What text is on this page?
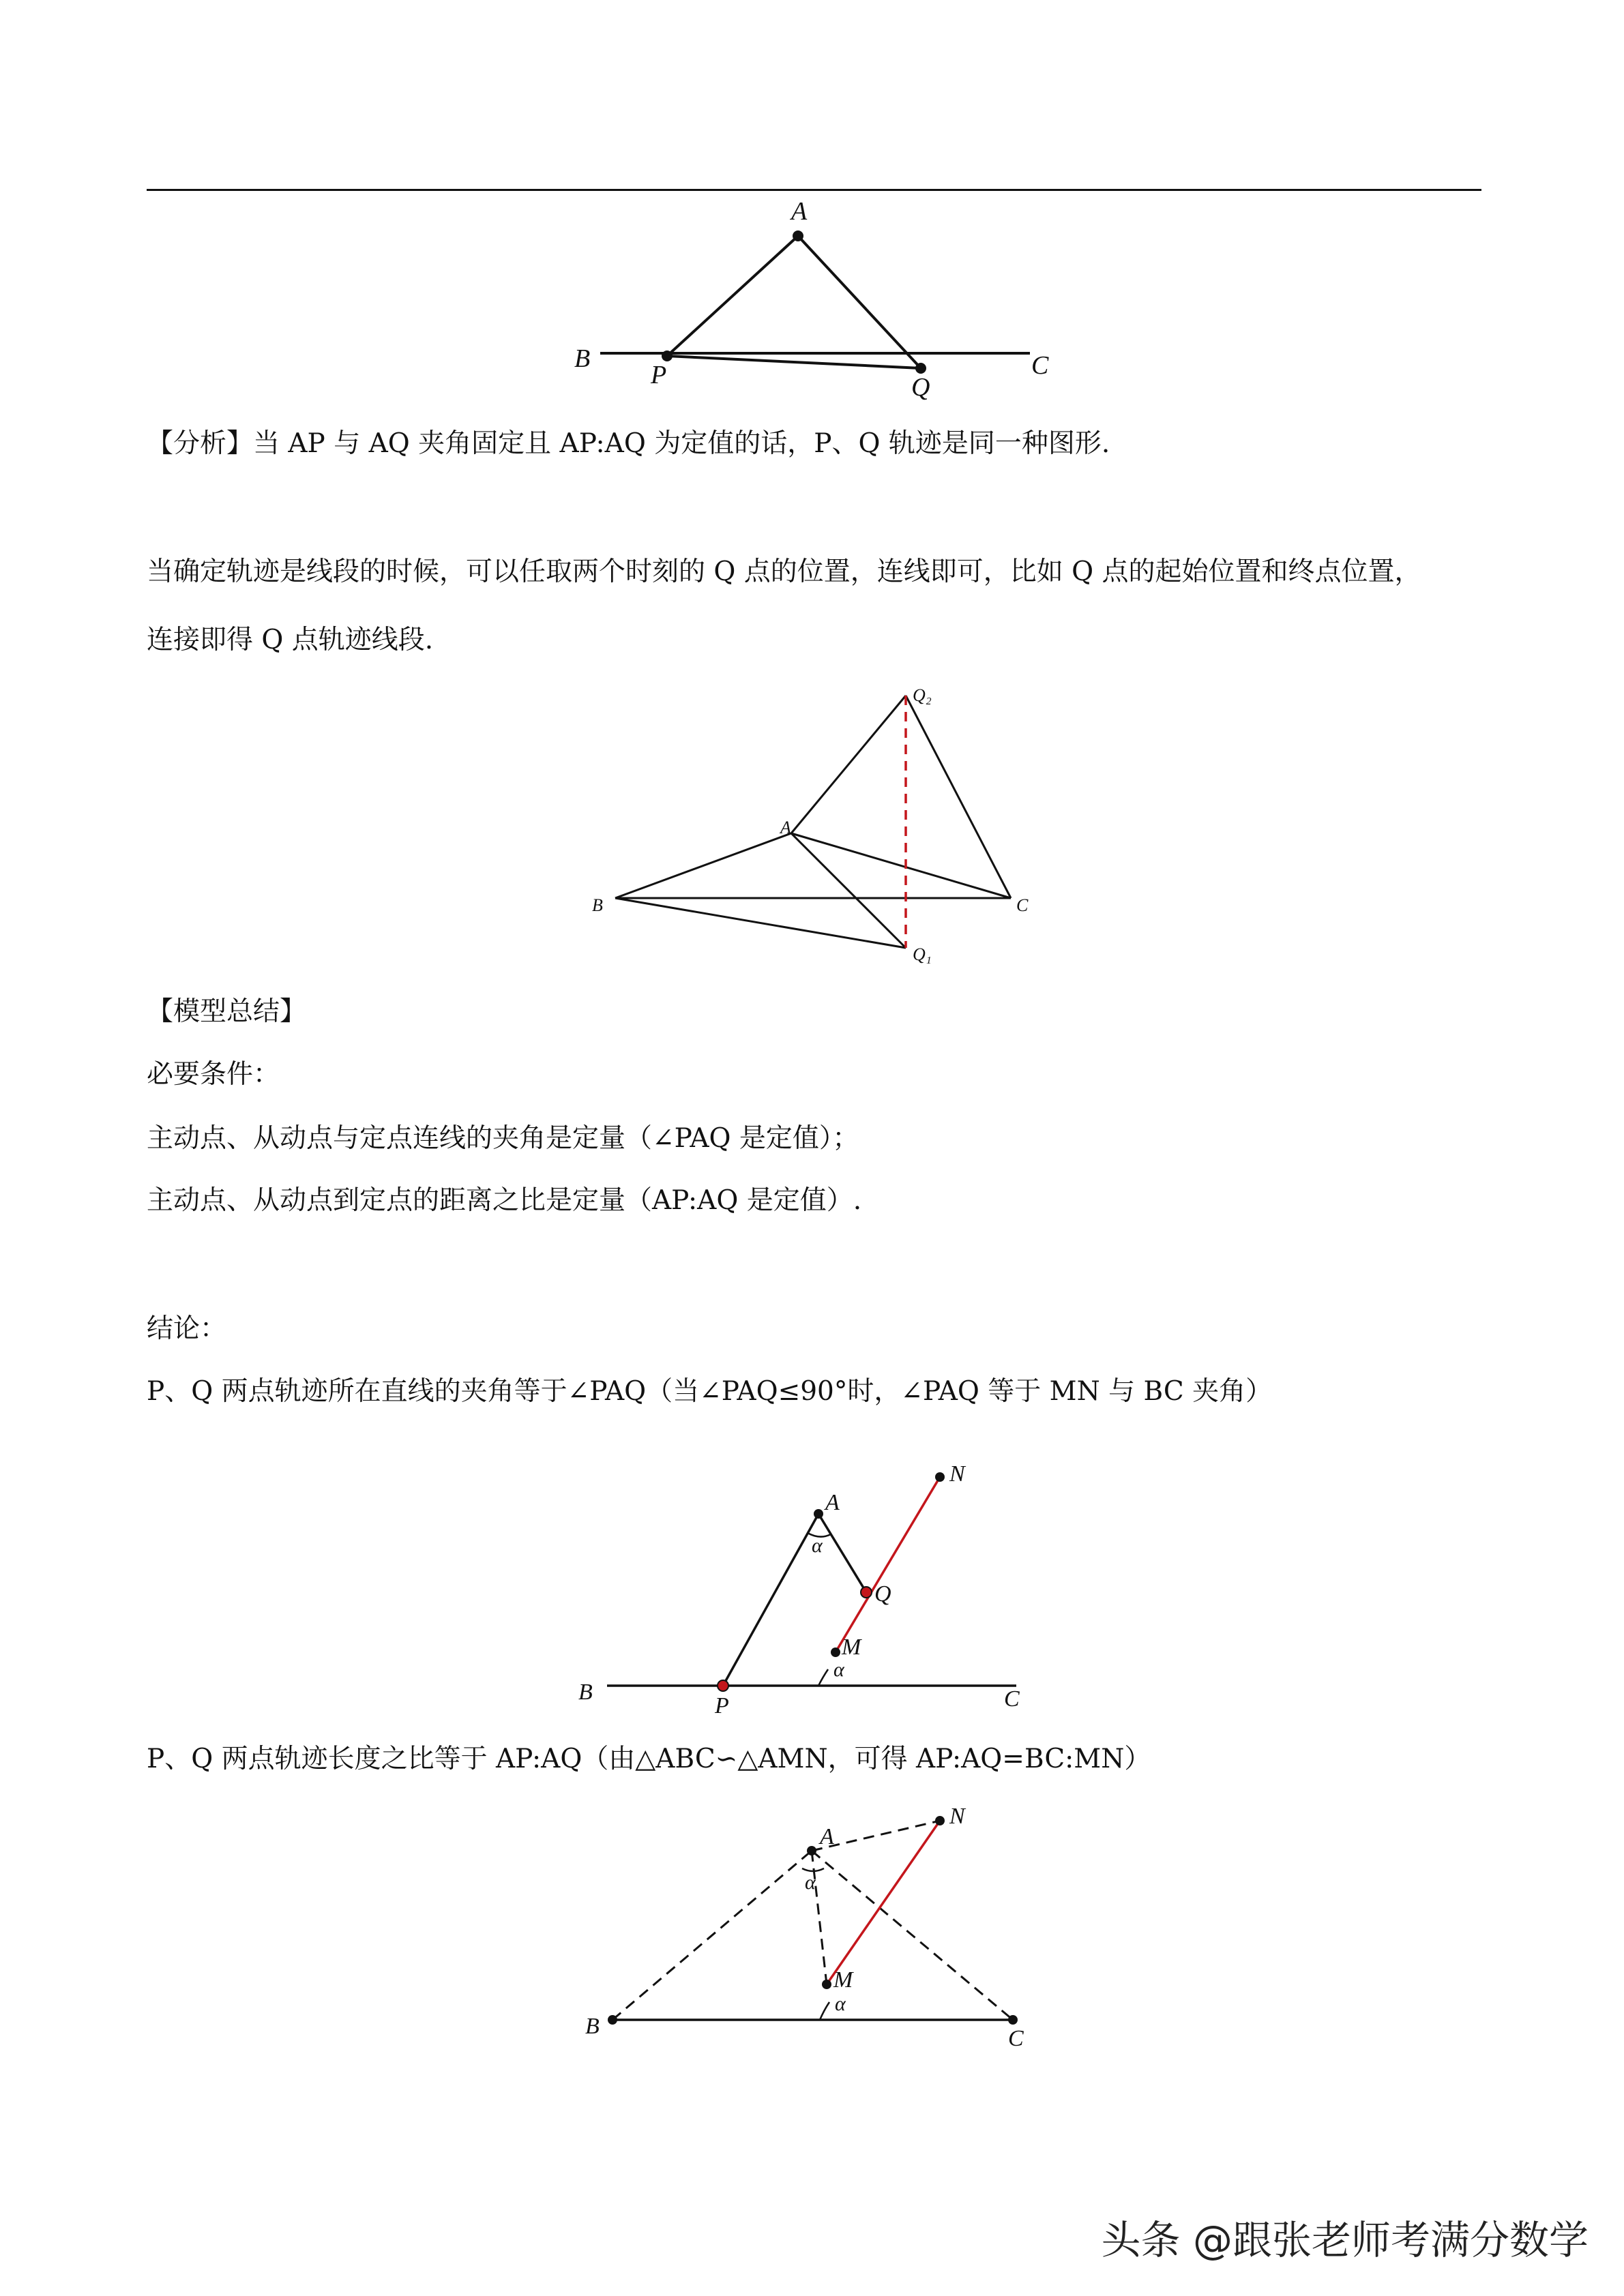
A
B	C
P	Q
【分析】当 AP 与 AQ 夹角固定且 AP:AQ 为定值的话，P、Q 轨迹是同一种图形.
当确定轨迹是线段的时候，可以任取两个时刻的 Q 点的位置，连线即可，比如 Q 点的起始位置和终点位置，
连接即得 Q 点轨迹线段.
A
B	C
Q₁
Q₂
【模型总结】
必要条件：
主动点、从动点与定点连线的夹角是定量（∠PAQ 是定值）；
主动点、从动点到定点的距离之比是定量（AP:AQ 是定值）.
结论：
P、Q 两点轨迹所在直线的夹角等于∠PAQ（当∠PAQ≤90°时，∠PAQ 等于 MN 与 BC 夹角）
A
B	C
P
Q
M
N
α
α
P、Q 两点轨迹长度之比等于 AP:AQ（由△ABC∽△AMN，可得 AP:AQ=BC:MN）
A
B	C
M
N
α
α
头条 @跟张老师考满分数学
